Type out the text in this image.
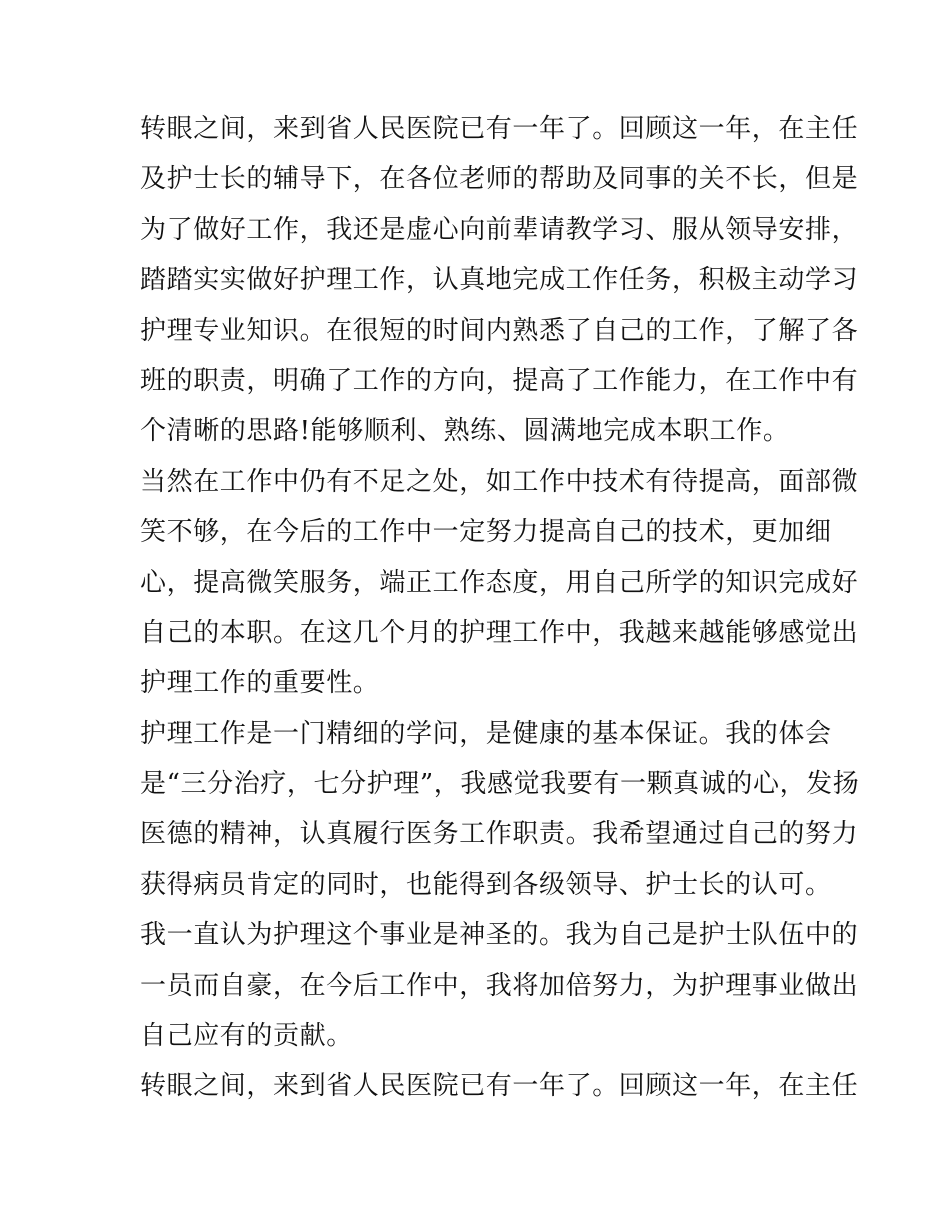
转眼之间，来到省人民医院已有一年了。回顾这一年，在主任
及护士长的辅导下，在各位老师的帮助及同事的关不长，但是
为了做好工作，我还是虚心向前辈请教学习、服从领导安排，
踏踏实实做好护理工作，认真地完成工作任务，积极主动学习
护理专业知识。在很短的时间内熟悉了自己的工作，了解了各
班的职责，明确了工作的方向，提高了工作能力，在工作中有
个清晰的思路!能够顺利、熟练、圆满地完成本职工作。
当然在工作中仍有不足之处，如工作中技术有待提高，面部微
笑不够，在今后的工作中一定努力提高自己的技术，更加细
心，提高微笑服务，端正工作态度，用自己所学的知识完成好
自己的本职。在这几个月的护理工作中，我越来越能够感觉出
护理工作的重要性。
护理工作是一门精细的学问，是健康的基本保证。我的体会
是“三分治疗，七分护理”，我感觉我要有一颗真诚的心，发扬
医德的精神，认真履行医务工作职责。我希望通过自己的努力
获得病员肯定的同时，也能得到各级领导、护士长的认可。
我一直认为护理这个事业是神圣的。我为自己是护士队伍中的
一员而自豪，在今后工作中，我将加倍努力，为护理事业做出
自己应有的贡献。
转眼之间，来到省人民医院已有一年了。回顾这一年，在主任
